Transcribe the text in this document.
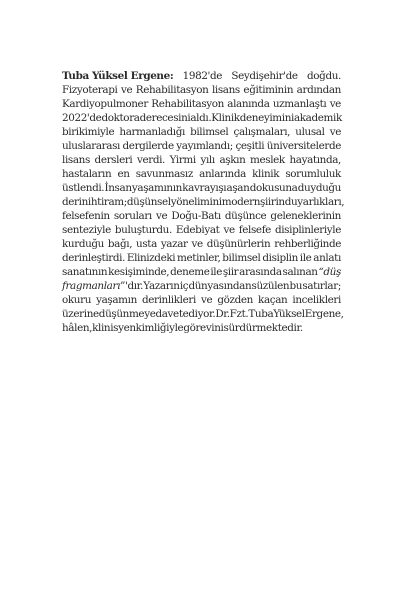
Tuba Yüksel Ergene: 1982'de Seydişehir'de doğdu.
Fizyoterapi ve Rehabilitasyon lisans eğitiminin ardından
Kardiyopulmoner Rehabilitasyon alanında uzmanlaştı ve
2022'de doktora derecesini aldı. Klinik deneyimini akademik
birikimiyle harmanladığı bilimsel çalışmaları, ulusal ve
uluslararası dergilerde yayımlandı; çeşitli üniversitelerde
lisans dersleri verdi. Yirmi yılı aşkın meslek hayatında,
hastaların en savunmasız anlarında klinik sorumluluk
üstlendi. İnsan yaşamının kavrayışı aşan dokusuna duyduğu
derin ihtiram; düşünsel yönelimini modern şiirin duyarlıkları,
felsefenin soruları ve Doğu-Batı düşünce geleneklerinin
senteziyle buluşturdu. Edebiyat ve felsefe disiplinleriyle
kurduğu bağı, usta yazar ve düşünürlerin rehberliğinde
derinleştirdi. Elinizdeki metinler, bilimsel disiplin ile anlatı
sanatının kesişiminde, deneme ile şiir arasında salınan “düş
fragmanları”'dır. Yazarın iç dünyasından süzülen bu satırlar;
okuru yaşamın derinlikleri ve gözden kaçan incelikleri
üzerine düşünmeye davet ediyor. Dr. Fzt. Tuba Yüksel Ergene,
hâlen, klinisyen kimliğiyle görevini sürdürmektedir.
